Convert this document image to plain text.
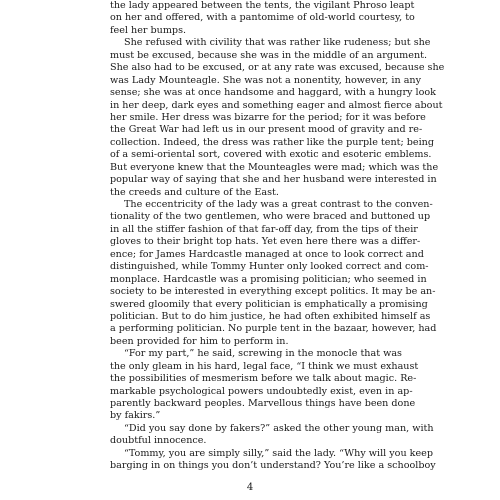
the lady appeared between the tents, the vigilant Phroso leapt
on her and offered, with a pantomime of old-world courtesy, to
feel her bumps.
She refused with civility that was rather like rudeness; but she
must be excused, because she was in the middle of an argument.
She also had to be excused, or at any rate was excused, because she
was Lady Mounteagle. She was not a nonentity, however, in any
sense; she was at once handsome and haggard, with a hungry look
in her deep, dark eyes and something eager and almost fierce about
her smile. Her dress was bizarre for the period; for it was before
the Great War had left us in our present mood of gravity and re-
collection. Indeed, the dress was rather like the purple tent; being
of a semi-oriental sort, covered with exotic and esoteric emblems.
But everyone knew that the Mounteagles were mad; which was the
popular way of saying that she and her husband were interested in
the creeds and culture of the East.
The eccentricity of the lady was a great contrast to the conven-
tionality of the two gentlemen, who were braced and buttoned up
in all the stiffer fashion of that far-off day, from the tips of their
gloves to their bright top hats. Yet even here there was a differ-
ence; for James Hardcastle managed at once to look correct and
distinguished, while Tommy Hunter only looked correct and com-
monplace. Hardcastle was a promising politician; who seemed in
society to be interested in everything except politics. It may be an-
swered gloomily that every politician is emphatically a promising
politician. But to do him justice, he had often exhibited himself as
a performing politician. No purple tent in the bazaar, however, had
been provided for him to perform in.
“For my part,” he said, screwing in the monocle that was
the only gleam in his hard, legal face, “I think we must exhaust
the possibilities of mesmerism before we talk about magic. Re-
markable psychological powers undoubtedly exist, even in ap-
parently backward peoples. Marvellous things have been done
by fakirs.”
“Did you say done by fakers?” asked the other young man, with
doubtful innocence.
“Tommy, you are simply silly,” said the lady. “Why will you keep
barging in on things you don’t understand? You’re like a schoolboy
4
